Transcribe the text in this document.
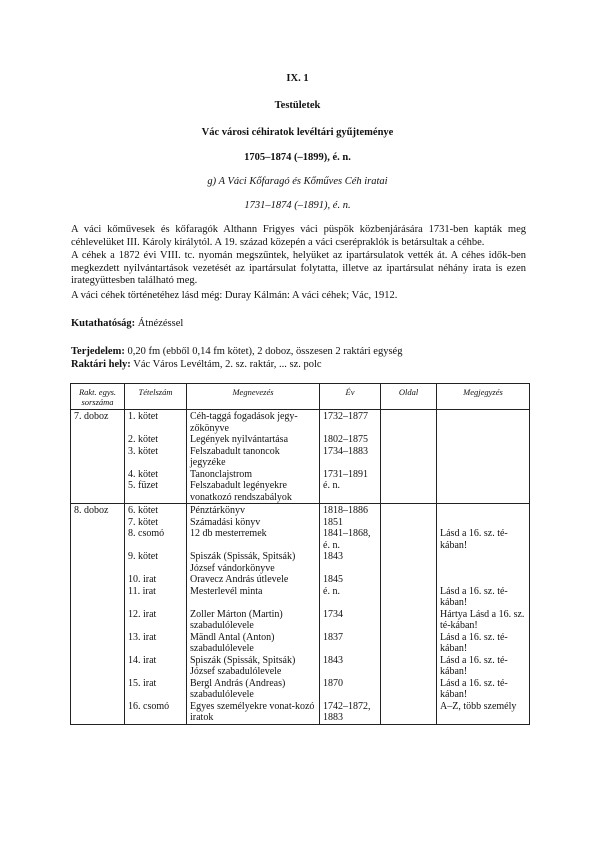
IX. 1
Testületek
Vác városi céhiratok levéltári gyűjteménye
1705–1874 (–1899), é. n.
g) A Váci Kőfaragó és Kőműves Céh iratai
1731–1874 (–1891), é. n.
A váci kőművesek és kőfaragók Althann Frigyes váci püspök közbenjárására 1731-ben kapták meg céhlevelüket III. Károly királytól. A 19. század közepén a váci cserépraklók is betársultak a céhbe.
A céhek a 1872 évi VIII. tc. nyomán megszűntek, helyüket az ipartársulatok vették át. A céhes idők-ben megkezdett nyilvántartások vezetését az ipartársulat folytatta, illetve az ipartársulat néhány irata is ezen irategyüttesben található meg.
A váci céhek történetéhez lásd még: Duray Kálmán: A váci céhek; Vác, 1912.
Kutathatóság: Átnézéssel
Terjedelem: 0,20 fm (ebből 0,14 fm kötet), 2 doboz, összesen 2 raktári egység
Raktári hely: Vác Város Levéltám, 2. sz. raktár, ... sz. polc
Rakt. egys. sorszáma	Tételszám	Megnevezés	Év	Oldal	Megjegyzés
7. doboz	1. kötet	Céh-taggá fogadások jegy-zőkönyve	1732–1877		
	2. kötet	Legények nyilvántartása	1802–1875		
	3. kötet	Felszabadult tanoncok jegyzéke	1734–1883		
	4. kötet	Tanonclajstrom	1731–1891		
	5. füzet	Felszabadult legényekre vonatkozó rendszabályok	é. n.		
8. doboz	6. kötet	Pénztárkönyv	1818–1886		
	7. kötet	Számadási könyv	1851		
	8. csomó	12 db mesterremek	1841–1868, é. n.		Lásd a 16. sz. té-kában!
	9. kötet	Spiszák (Spissák, Spitsák) József vándorkönyve	1843		
	10. irat	Oravecz András útlevele	1845		
	11. irat	Mesterlevél minta	é. n.		Lásd a 16. sz. té-kában!
	12. irat	Zoller Márton (Martin) szabadulólevele	1734		Hártya Lásd a 16. sz. té-kában!
	13. irat	Mändl Antal (Anton) szabadulólevele	1837		Lásd a 16. sz. té-kában!
	14. irat	Spiszák (Spissák, Spitsák) József szabadulólevele	1843		Lásd a 16. sz. té-kában!
	15. irat	Bergl András (Andreas) szabadulólevele	1870		Lásd a 16. sz. té-kában!
	16. csomó	Egyes személyekre vonat-kozó iratok	1742–1872, 1883		A–Z, több személy
